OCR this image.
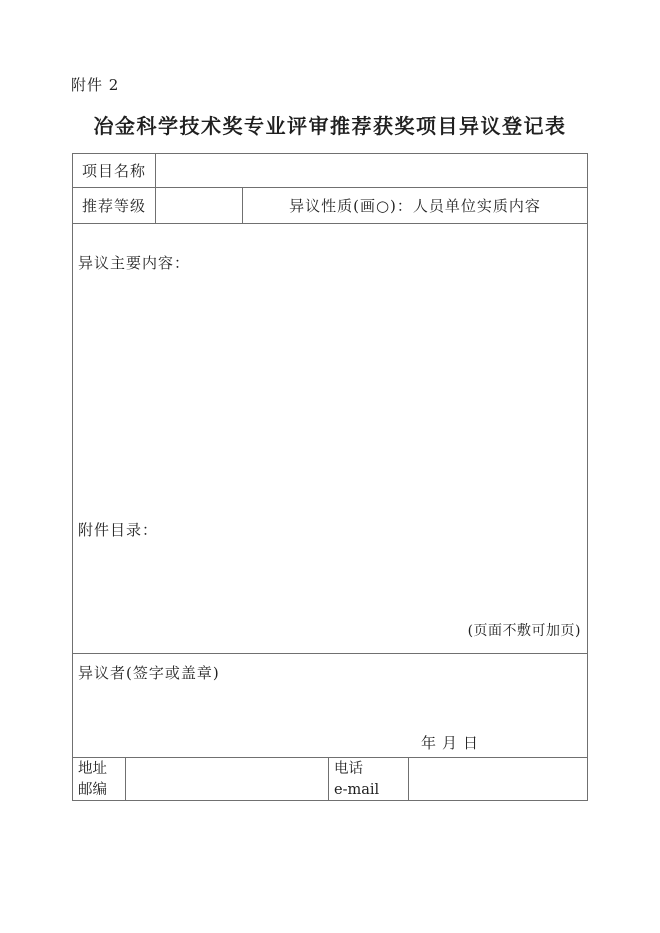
附件 2
冶金科学技术奖专业评审推荐获奖项目异议登记表
项目名称
推荐等级	异议性质(画○)：人员单位实质内容
异议主要内容：
附件目录：
(页面不敷可加页)
异议者(签字或盖章)
年月日
地址
邮编
电话
e-mail
